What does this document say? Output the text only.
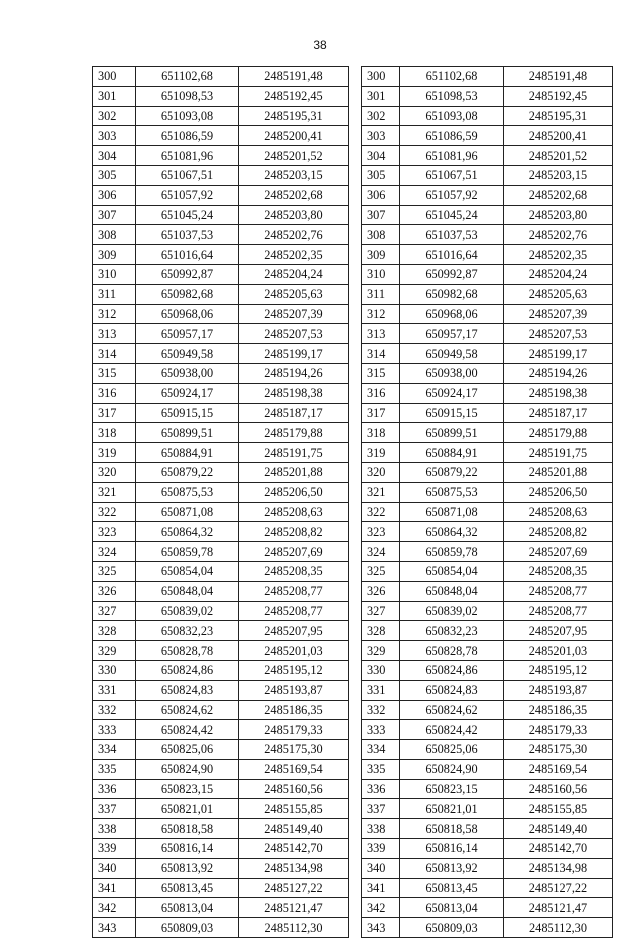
38
300	651102,68	2485191,48
301	651098,53	2485192,45
302	651093,08	2485195,31
303	651086,59	2485200,41
304	651081,96	2485201,52
305	651067,51	2485203,15
306	651057,92	2485202,68
307	651045,24	2485203,80
308	651037,53	2485202,76
309	651016,64	2485202,35
310	650992,87	2485204,24
311	650982,68	2485205,63
312	650968,06	2485207,39
313	650957,17	2485207,53
314	650949,58	2485199,17
315	650938,00	2485194,26
316	650924,17	2485198,38
317	650915,15	2485187,17
318	650899,51	2485179,88
319	650884,91	2485191,75
320	650879,22	2485201,88
321	650875,53	2485206,50
322	650871,08	2485208,63
323	650864,32	2485208,82
324	650859,78	2485207,69
325	650854,04	2485208,35
326	650848,04	2485208,77
327	650839,02	2485208,77
328	650832,23	2485207,95
329	650828,78	2485201,03
330	650824,86	2485195,12
331	650824,83	2485193,87
332	650824,62	2485186,35
333	650824,42	2485179,33
334	650825,06	2485175,30
335	650824,90	2485169,54
336	650823,15	2485160,56
337	650821,01	2485155,85
338	650818,58	2485149,40
339	650816,14	2485142,70
340	650813,92	2485134,98
341	650813,45	2485127,22
342	650813,04	2485121,47
343	650809,03	2485112,30
300	651102,68	2485191,48
301	651098,53	2485192,45
302	651093,08	2485195,31
303	651086,59	2485200,41
304	651081,96	2485201,52
305	651067,51	2485203,15
306	651057,92	2485202,68
307	651045,24	2485203,80
308	651037,53	2485202,76
309	651016,64	2485202,35
310	650992,87	2485204,24
311	650982,68	2485205,63
312	650968,06	2485207,39
313	650957,17	2485207,53
314	650949,58	2485199,17
315	650938,00	2485194,26
316	650924,17	2485198,38
317	650915,15	2485187,17
318	650899,51	2485179,88
319	650884,91	2485191,75
320	650879,22	2485201,88
321	650875,53	2485206,50
322	650871,08	2485208,63
323	650864,32	2485208,82
324	650859,78	2485207,69
325	650854,04	2485208,35
326	650848,04	2485208,77
327	650839,02	2485208,77
328	650832,23	2485207,95
329	650828,78	2485201,03
330	650824,86	2485195,12
331	650824,83	2485193,87
332	650824,62	2485186,35
333	650824,42	2485179,33
334	650825,06	2485175,30
335	650824,90	2485169,54
336	650823,15	2485160,56
337	650821,01	2485155,85
338	650818,58	2485149,40
339	650816,14	2485142,70
340	650813,92	2485134,98
341	650813,45	2485127,22
342	650813,04	2485121,47
343	650809,03	2485112,30
